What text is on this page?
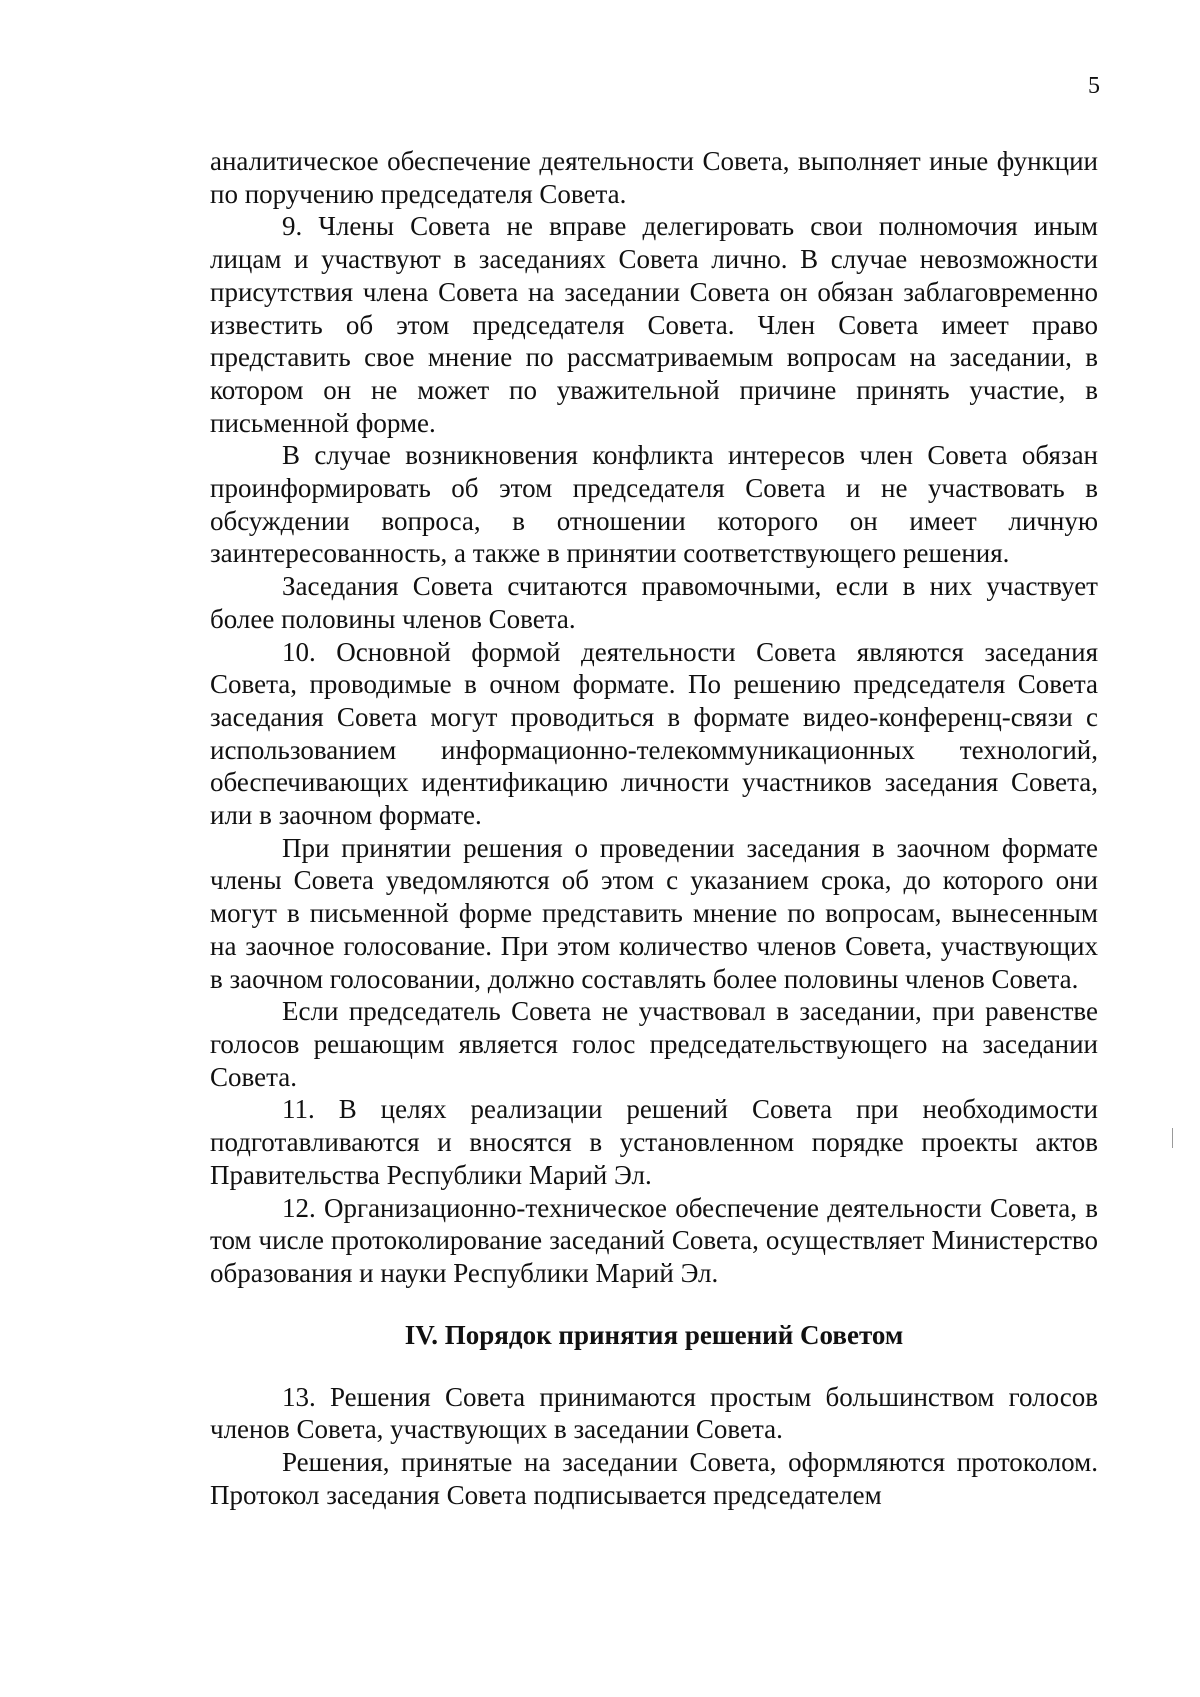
5

аналитическое обеспечение деятельности Совета, выполняет иные функции по поручению председателя Совета.

9. Члены Совета не вправе делегировать свои полномочия иным лицам и участвуют в заседаниях Совета лично. В случае невозможности присутствия члена Совета на заседании Совета он обязан заблаговременно известить об этом председателя Совета. Член Совета имеет право представить свое мнение по рассматриваемым вопросам на заседании, в котором он не может по уважительной причине принять участие, в письменной форме.

В случае возникновения конфликта интересов член Совета обязан проинформировать об этом председателя Совета и не участвовать в обсуждении вопроса, в отношении которого он имеет личную заинтересованность, а также в принятии соответствующего решения.

Заседания Совета считаются правомочными, если в них участвует более половины членов Совета.

10. Основной формой деятельности Совета являются заседания Совета, проводимые в очном формате. По решению председателя Совета заседания Совета могут проводиться в формате видео-конференц-связи с использованием информационно-телекоммуникационных технологий, обеспечивающих идентификацию личности участников заседания Совета, или в заочном формате.

При принятии решения о проведении заседания в заочном формате члены Совета уведомляются об этом с указанием срока, до которого они могут в письменной форме представить мнение по вопросам, вынесенным на заочное голосование. При этом количество членов Совета, участвующих в заочном голосовании, должно составлять более половины членов Совета.

Если председатель Совета не участвовал в заседании, при равенстве голосов решающим является голос председательствующего на заседании Совета.

11. В целях реализации решений Совета при необходимости подготавливаются и вносятся в установленном порядке проекты актов Правительства Республики Марий Эл.

12. Организационно-техническое обеспечение деятельности Совета, в том числе протоколирование заседаний Совета, осуществляет Министерство образования и науки Республики Марий Эл.

IV. Порядок принятия решений Советом

13. Решения Совета принимаются простым большинством голосов членов Совета, участвующих в заседании Совета.

Решения, принятые на заседании Совета, оформляются протоколом. Протокол заседания Совета подписывается председателем
